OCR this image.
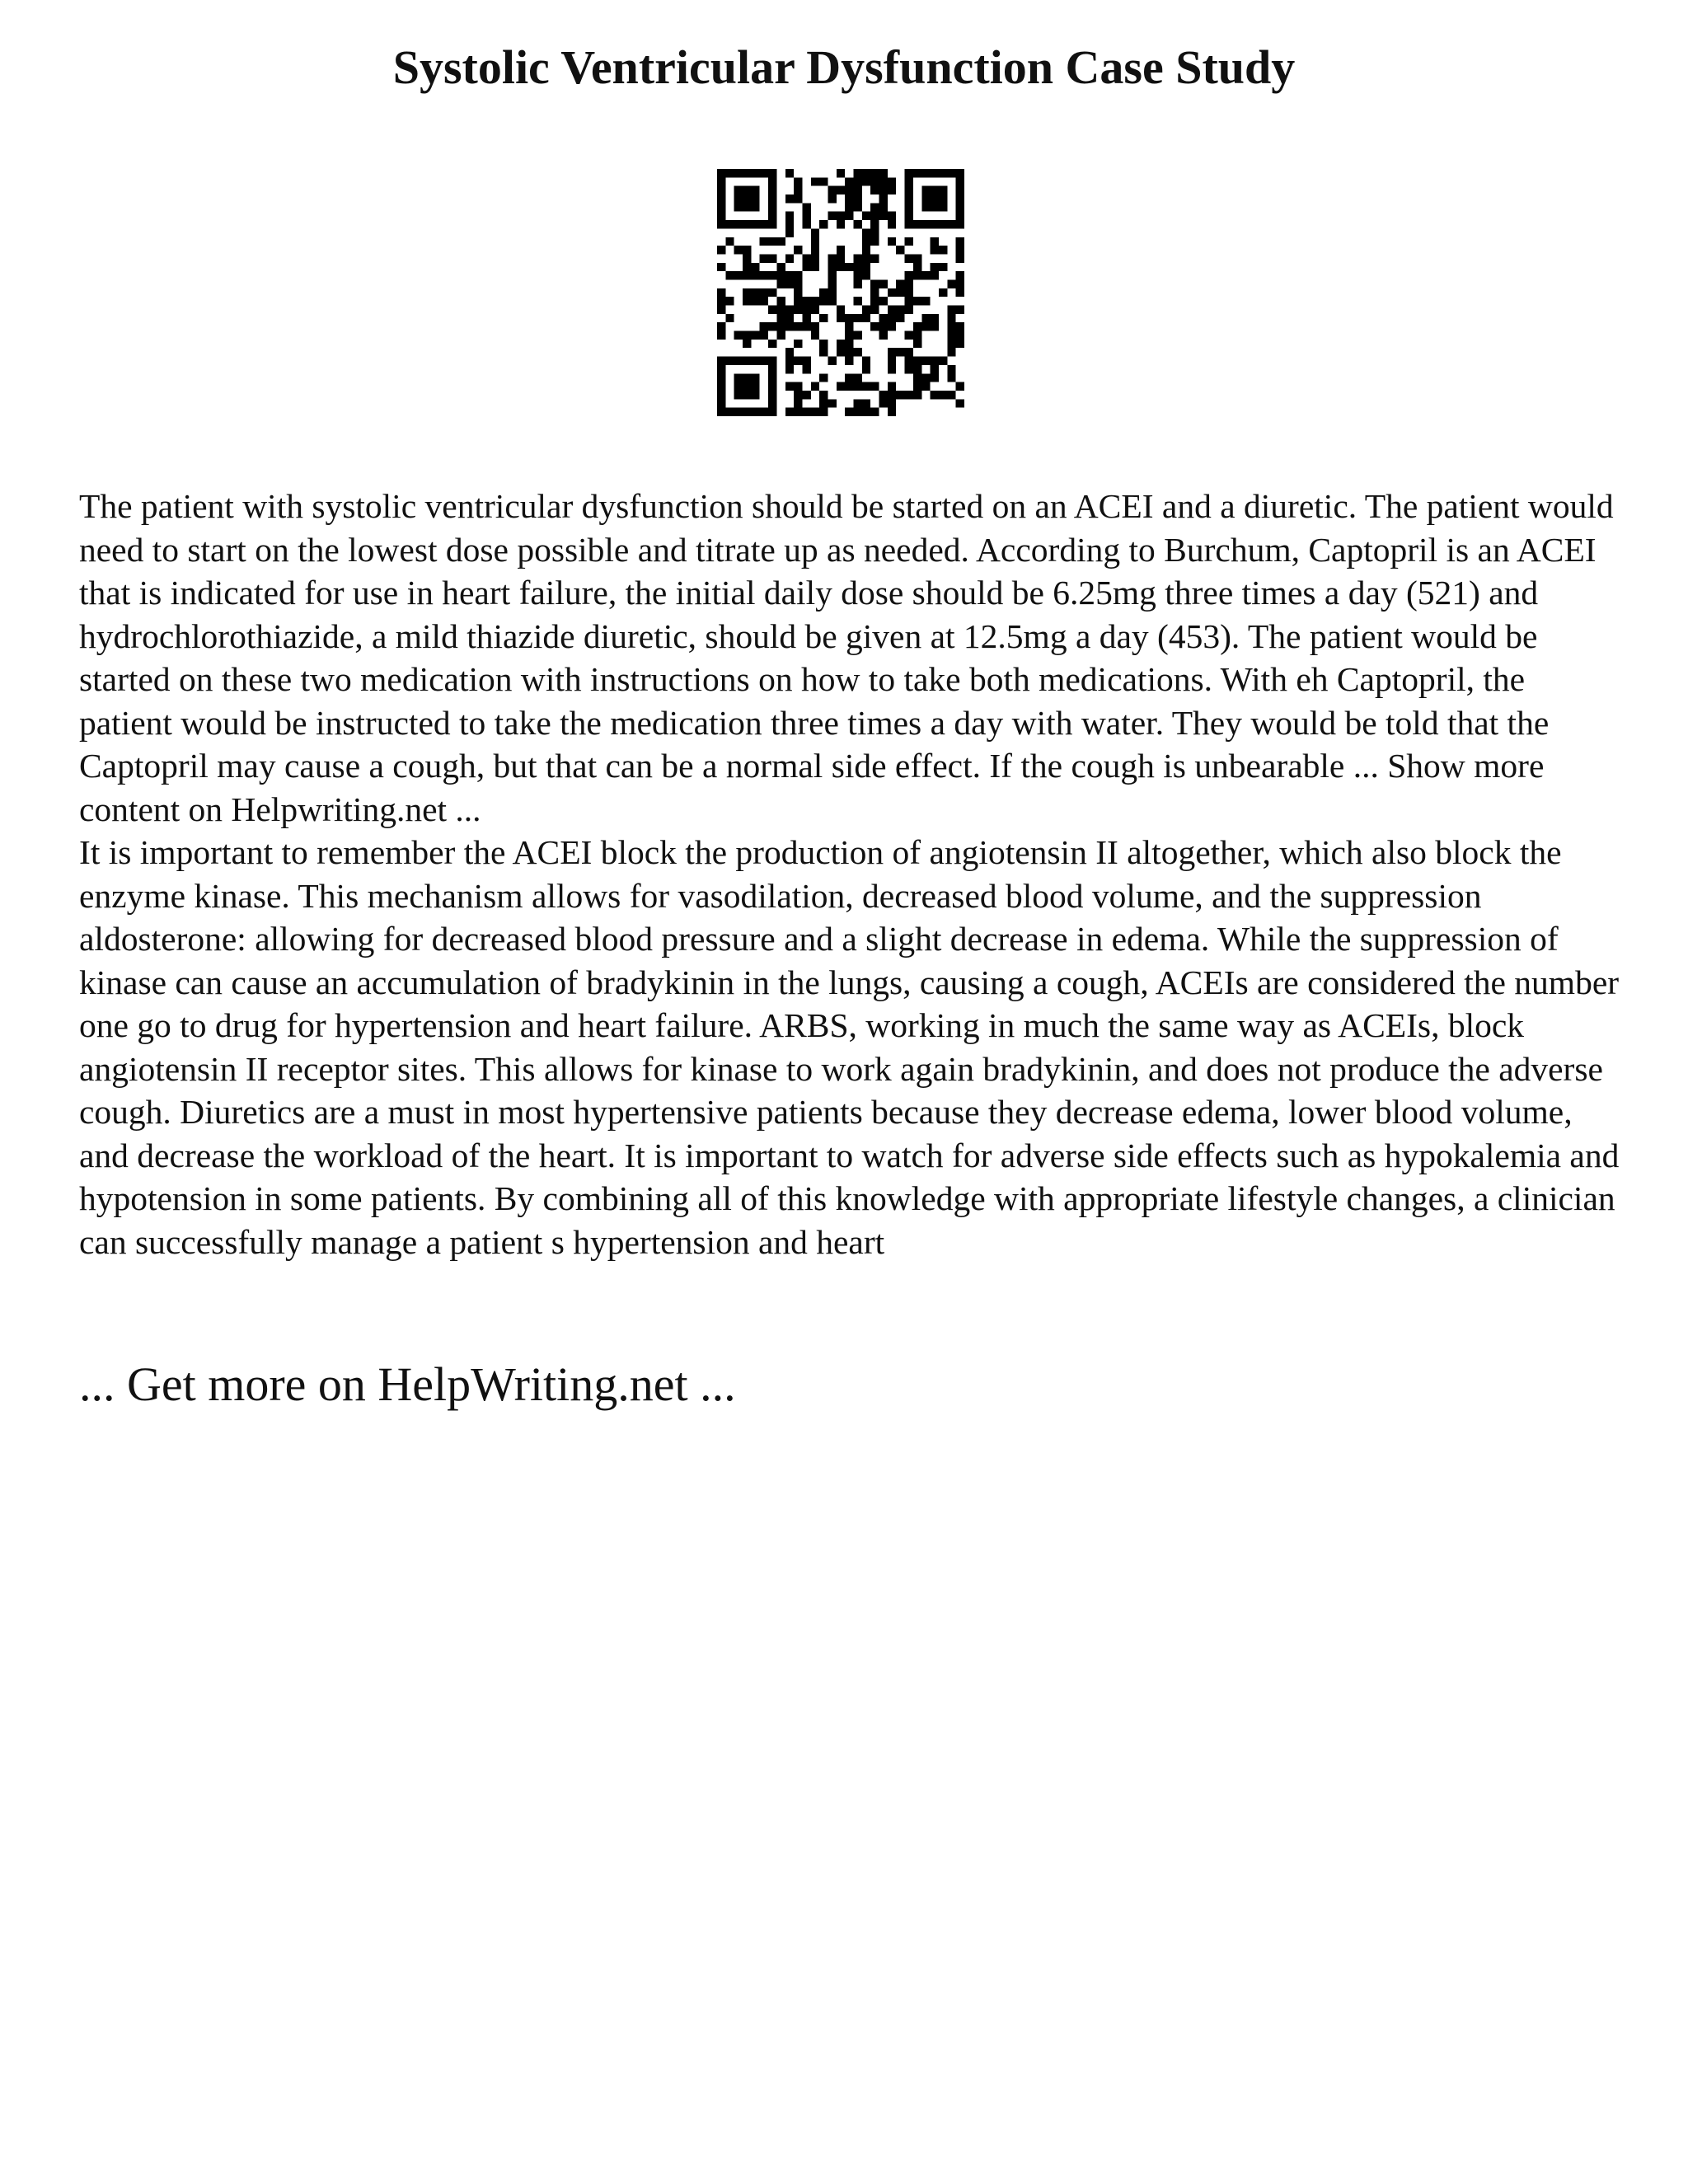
Systolic Ventricular Dysfunction Case Study

The patient with systolic ventricular dysfunction should be started on an ACEI and a diuretic. The patient would need to start on the lowest dose possible and titrate up as needed. According to Burchum, Captopril is an ACEI that is indicated for use in heart failure, the initial daily dose should be 6.25mg three times a day (521) and hydrochlorothiazide, a mild thiazide diuretic, should be given at 12.5mg a day (453). The patient would be started on these two medication with instructions on how to take both medications. With eh Captopril, the patient would be instructed to take the medication three times a day with water. They would be told that the Captopril may cause a cough, but that can be a normal side effect. If the cough is unbearable ... Show more content on Helpwriting.net ...

It is important to remember the ACEI block the production of angiotensin II altogether, which also block the enzyme kinase. This mechanism allows for vasodilation, decreased blood volume, and the suppression aldosterone: allowing for decreased blood pressure and a slight decrease in edema. While the suppression of kinase can cause an accumulation of bradykinin in the lungs, causing a cough, ACEIs are considered the number one go to drug for hypertension and heart failure. ARBS, working in much the same way as ACEIs, block angiotensin II receptor sites. This allows for kinase to work again bradykinin, and does not produce the adverse cough. Diuretics are a must in most hypertensive patients because they decrease edema, lower blood volume, and decrease the workload of the heart. It is important to watch for adverse side effects such as hypokalemia and hypotension in some patients. By combining all of this knowledge with appropriate lifestyle changes, a clinician can successfully manage a patient s hypertension and heart

... Get more on HelpWriting.net ...
